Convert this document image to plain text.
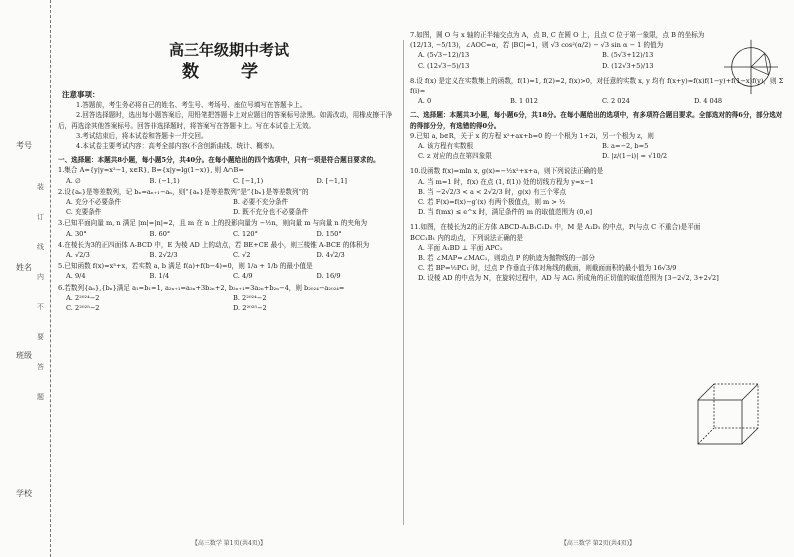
考号
姓名
班级
学校
装
订
线
内
不
要
答
题
高三年级期中考试
数 学
注意事项：

1.答题前，考生务必将自己的姓名、考生号、考场号、座位号填写在答题卡上。

2.回答选择题时，选出每小题答案后，用铅笔把答题卡上对应题目的答案标号涂黑。如需改动，用橡皮擦干净后，再选涂其他答案标号。回答非选择题时，将答案写在答题卡上。写在本试卷上无效。

3.考试结束后，将本试卷和答题卡一并交回。

4.本试卷主要考试内容：高考全部内容(不含创新曲线、统计、概率)。

一、选择题：本题共8小题，每小题5分，共40分。在每小题给出的四个选项中，只有一项是符合题目要求的。

1.集合 A={y|y=x²−1, x∈R}, B={x|y=lg(1−x)}, 则 A∩B=

A. ∅	B. (−1,1)	C. [−1,1)	D. [−1,1]

2.设{aₙ}是等差数列，记 bₙ=aₙ₊₁−aₙ，则“{aₙ}是等差数列”是“{bₙ}是等差数列”的

A. 充分不必要条件	B. 必要不充分条件
C. 充要条件	D. 既不充分也不必要条件

3.已知平面向量 m, n 满足 |m|=|n|=2，且 m 在 n 上的投影向量为 −½n，则向量 m 与向量 n 的夹角为

A. 30°	B. 60°	C. 120°	D. 150°

4.在棱长为3的正四面体 A-BCD 中，E 为棱 AD 上的动点，若 BE+CE 最小，则三棱锥 A-BCE 的体积为

A. √2/3	B. 2√2/3	C. √2	D. 4√2/3

5.已知函数 f(x)=x³+x，若实数 a, b 满足 f(a)+f(b−4)=0，则 1/a + 1/b 的最小值是

A. 9/4	B. 1/4	C. 4/9	D. 16/9

6.若数列{aₙ},{bₙ}满足 a₁=b₁=1, a₂ₙ₊₁=a₂ₙ+3b₂ₙ+2, b₂ₙ₊₁=3a₂ₙ+b₂ₙ−4，则 b₂₀₂₄−a₂₀₂₄=

A. 2²⁰²⁴−2	B. 2²⁰²⁴−2
C. 2²⁰²⁵−2	D. 2²⁰²⁵−2
【高三数学 第1页(共4页)】

7.如图，圆 O 与 x 轴的正半轴交点为 A，点 B, C 在圆 O 上，且点 C 位于第一象限，点 B 的坐标为(12/13, −5/13)，∠AOC=α，若 |BC|=1，则 √3 cos²(α/2) − √3 sin α − 1 的值为

A. (5√3−12)/13	B. (5√3+12)/13
C. (12√3−5)/13	D. (12√3+5)/13

8.设 f(x) 是定义在实数集上的函数，f(1)=1, f(2)=2, f(x)>0，对任意的实数 x, y 均有 f(x+y)=f(x)f(1−y)+f(1−x)f(y)，则 Σ f(i)=

A. 0	B. 1 012	C. 2 024	D. 4 048
二、选择题：本题共3小题，每小题6分，共18分。在每小题给出的选项中，有多项符合题目要求。全部选对的得6分，部分选对的得部分分，有选错的得0分。

9.已知 a, b∈R，关于 x 的方程 x²+ax+b=0 的一个根为 1+2i，另一个根为 z，则

A. 该方程有实数根	B. a=−2, b=5
C. z 对应的点在第四象限	D. |z/(1−i)| = √10/2

10.设函数 f(x)=mln x, g(x)=−½x²+x+a，则下列说法正确的是

A. 当 m=1 时，f(x) 在点 (1, f(1)) 处的切线方程为 y=x−1
B. 当 −2√2/3 < a < 2√2/3 时，g(x) 有三个零点
C. 若 F(x)=f(x)−g′(x) 有两个极值点，则 m > ½
D. 当 f(mx) ≤ e^x 时，满足条件的 m 的取值范围为 (0,e]

11.如图，在棱长为2的正方体 ABCD-A₁B₁C₁D₁ 中，M 是 A₁D₁ 的中点，P(与点 C 不重合)是平面 BCC₁B₁ 内的动点，下列说法正确的是

A. 平面 A₁BD ⊥ 平面 APC₁
B. 若 ∠MAP=∠MAC₁，则动点 P 的轨迹为抛物线的一部分
C. 若 BP=½PC₁ 时，过点 P 作垂直于体对角线的截面，则截面面积的最小值为 16√3/9
D. 设棱 AD 的中点为 N，在旋转过程中，AD 与 AC₁ 所成角的正切值的取值范围为 [3−2√2, 3+2√2]
【高三数学 第2页(共4页)】
